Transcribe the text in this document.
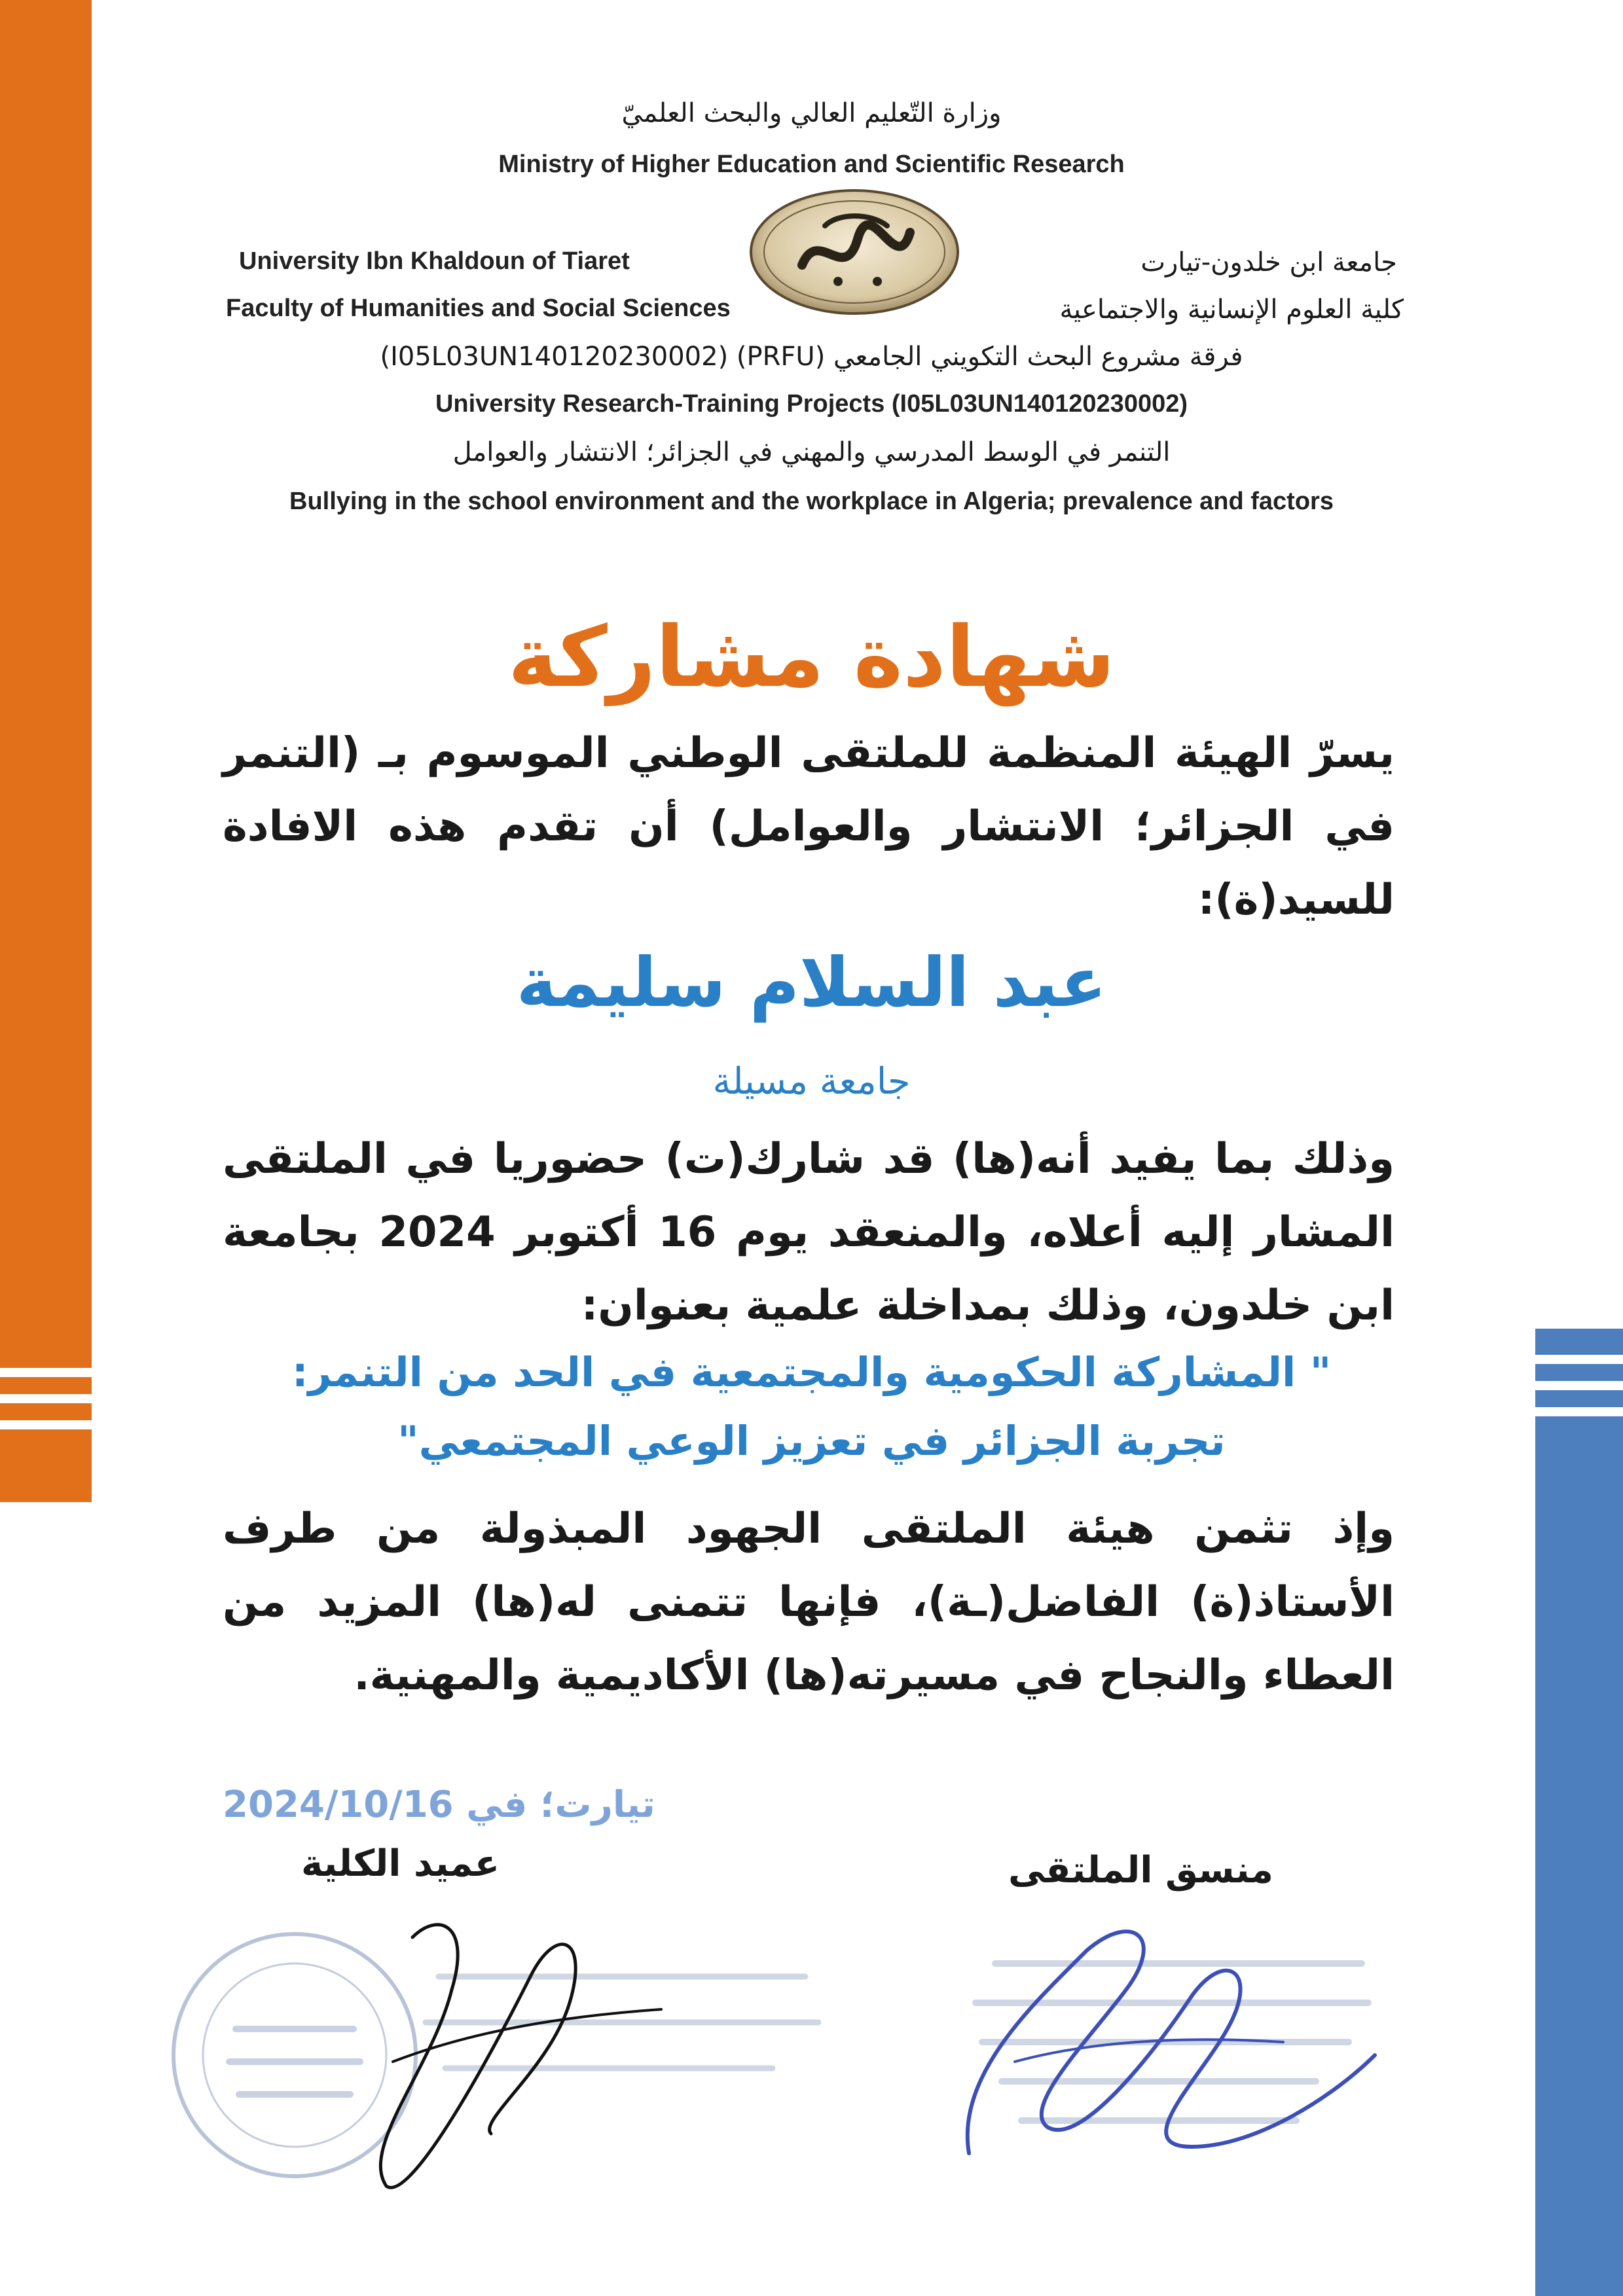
وزارة التّعليم العالي والبحث العلميّ
Ministry of Higher Education and Scientific Research
University Ibn Khaldoun of Tiaret
Faculty of Humanities and Social Sciences
جامعة ابن خلدون-تيارت
كلية العلوم الإنسانية والاجتماعية
فرقة مشروع البحث التكويني الجامعي (PRFU) (I05L03UN140120230002)
University Research-Training Projects (I05L03UN140120230002)
التنمر في الوسط المدرسي والمهني في الجزائر؛ الانتشار والعوامل
Bullying in the school environment and the workplace in Algeria; prevalence and factors
شهادة مشاركة
يسرّ الهيئة المنظمة للملتقى الوطني الموسوم بـ (التنمر في الجزائر؛ الانتشار والعوامل) أن تقدم هذه الافادة للسيد(ة):
عبد السلام سليمة
جامعة مسيلة
وذلك بما يفيد أنه(ها) قد شارك(ت) حضوريا في الملتقى المشار إليه أعلاه، والمنعقد يوم 16 أكتوبر 2024 بجامعة ابن خلدون، وذلك بمداخلة علمية بعنوان:
" المشاركة الحكومية والمجتمعية في الحد من التنمر:
تجربة الجزائر في تعزيز الوعي المجتمعي"
وإذ تثمن هيئة الملتقى الجهود المبذولة من طرف الأستاذ(ة) الفاضل(ـة)، فإنها تتمنى له(ها) المزيد من العطاء والنجاح في مسيرته(ها) الأكاديمية والمهنية.
تيارت؛ في 2024/10/16
عميد الكلية	منسق الملتقى
